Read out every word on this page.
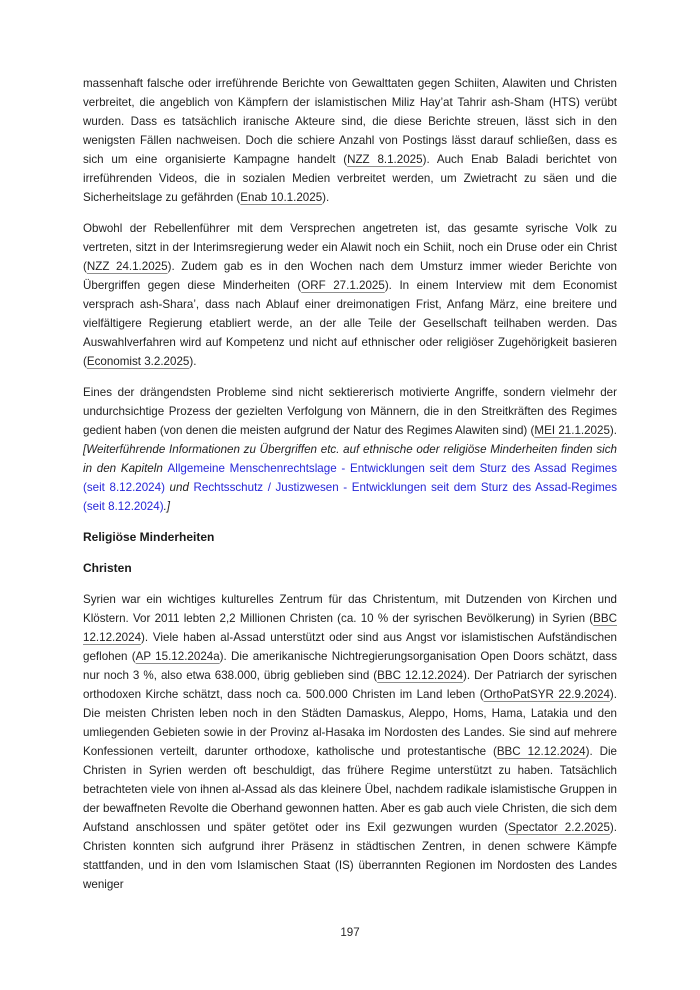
massenhaft falsche oder irreführende Berichte von Gewalttaten gegen Schiiten, Alawiten und Christen verbreitet, die angeblich von Kämpfern der islamistischen Miliz Hay’at Tahrir ash-Sham (HTS) verübt wurden. Dass es tatsächlich iranische Akteure sind, die diese Berichte streuen, lässt sich in den wenigsten Fällen nachweisen. Doch die schiere Anzahl von Postings lässt darauf schließen, dass es sich um eine organisierte Kampagne handelt (NZZ 8.1.2025). Auch Enab Baladi berichtet von irreführenden Videos, die in sozialen Medien verbreitet werden, um Zwietracht zu säen und die Sicherheitslage zu gefährden (Enab 10.1.2025).

Obwohl der Rebellenführer mit dem Versprechen angetreten ist, das gesamte syrische Volk zu vertreten, sitzt in der Interimsregierung weder ein Alawit noch ein Schiit, noch ein Druse oder ein Christ (NZZ 24.1.2025). Zudem gab es in den Wochen nach dem Umsturz immer wieder Berichte von Übergriffen gegen diese Minderheiten (ORF 27.1.2025). In einem Interview mit dem Economist versprach ash-Shara’, dass nach Ablauf einer dreimonatigen Frist, Anfang März, eine breitere und vielfältigere Regierung etabliert werde, an der alle Teile der Gesellschaft teilhaben werden. Das Auswahlverfahren wird auf Kompetenz und nicht auf ethnischer oder religiöser Zugehörigkeit basieren (Economist 3.2.2025).

Eines der drängendsten Probleme sind nicht sektiererisch motivierte Angriffe, sondern vielmehr der undurchsichtige Prozess der gezielten Verfolgung von Männern, die in den Streitkräften des Regimes gedient haben (von denen die meisten aufgrund der Natur des Regimes Alawiten sind) (MEI 21.1.2025). [Weiterführende Informationen zu Übergriffen etc. auf ethnische oder religiöse Minderheiten finden sich in den Kapiteln Allgemeine Menschenrechtslage - Entwicklungen seit dem Sturz des Assad Regimes (seit 8.12.2024) und Rechtsschutz / Justizwesen - Entwicklungen seit dem Sturz des Assad-Regimes (seit 8.12.2024).]

Religiöse Minderheiten
Christen

Syrien war ein wichtiges kulturelles Zentrum für das Christentum, mit Dutzenden von Kirchen und Klöstern. Vor 2011 lebten 2,2 Millionen Christen (ca. 10 % der syrischen Bevölkerung) in Syrien (BBC 12.12.2024). Viele haben al-Assad unterstützt oder sind aus Angst vor islamistischen Aufständischen geflohen (AP 15.12.2024a). Die amerikanische Nichtregierungsorganisation Open Doors schätzt, dass nur noch 3 %, also etwa 638.000, übrig geblieben sind (BBC 12.12.2024). Der Patriarch der syrischen orthodoxen Kirche schätzt, dass noch ca. 500.000 Christen im Land leben (OrthoPatSYR 22.9.2024). Die meisten Christen leben noch in den Städten Damaskus, Aleppo, Homs, Hama, Latakia und den umliegenden Gebieten sowie in der Provinz al-Hasaka im Nordosten des Landes. Sie sind auf mehrere Konfessionen verteilt, darunter orthodoxe, katholische und protestantische (BBC 12.12.2024). Die Christen in Syrien werden oft beschuldigt, das frühere Regime unterstützt zu haben. Tatsächlich betrachteten viele von ihnen al-Assad als das kleinere Übel, nachdem radikale islamistische Gruppen in der bewaffneten Revolte die Oberhand gewonnen hatten. Aber es gab auch viele Christen, die sich dem Aufstand anschlossen und später getötet oder ins Exil gezwungen wurden (Spectator 2.2.2025). Christen konnten sich aufgrund ihrer Präsenz in städtischen Zentren, in denen schwere Kämpfe stattfanden, und in den vom Islamischen Staat (IS) überrannten Regionen im Nordosten des Landes weniger

197
